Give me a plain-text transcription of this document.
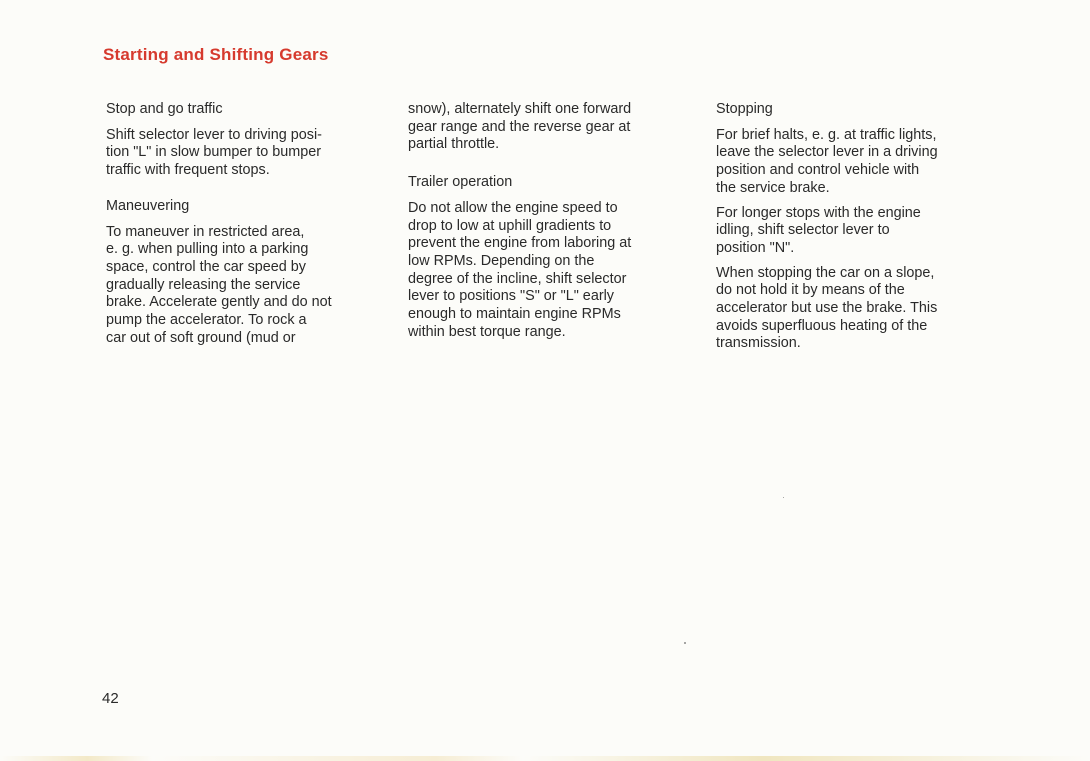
Starting and Shifting Gears

Stop and go traffic

Shift selector lever to driving posi-
tion "L" in slow bumper to bumper
traffic with frequent stops.

Maneuvering

To maneuver in restricted area,
e. g. when pulling into a parking
space, control the car speed by
gradually releasing the service
brake. Accelerate gently and do not
pump the accelerator. To rock a
car out of soft ground (mud or

snow), alternately shift one forward
gear range and the reverse gear at
partial throttle.

Trailer operation

Do not allow the engine speed to
drop to low at uphill gradients to
prevent the engine from laboring at
low RPMs. Depending on the
degree of the incline, shift selector
lever to positions "S" or "L" early
enough to maintain engine RPMs
within best torque range.

Stopping

For brief halts, e. g. at traffic lights,
leave the selector lever in a driving
position and control vehicle with
the service brake.

For longer stops with the engine
idling, shift selector lever to
position "N".

When stopping the car on a slope,
do not hold it by means of the
accelerator but use the brake. This
avoids superfluous heating of the
transmission.

42
